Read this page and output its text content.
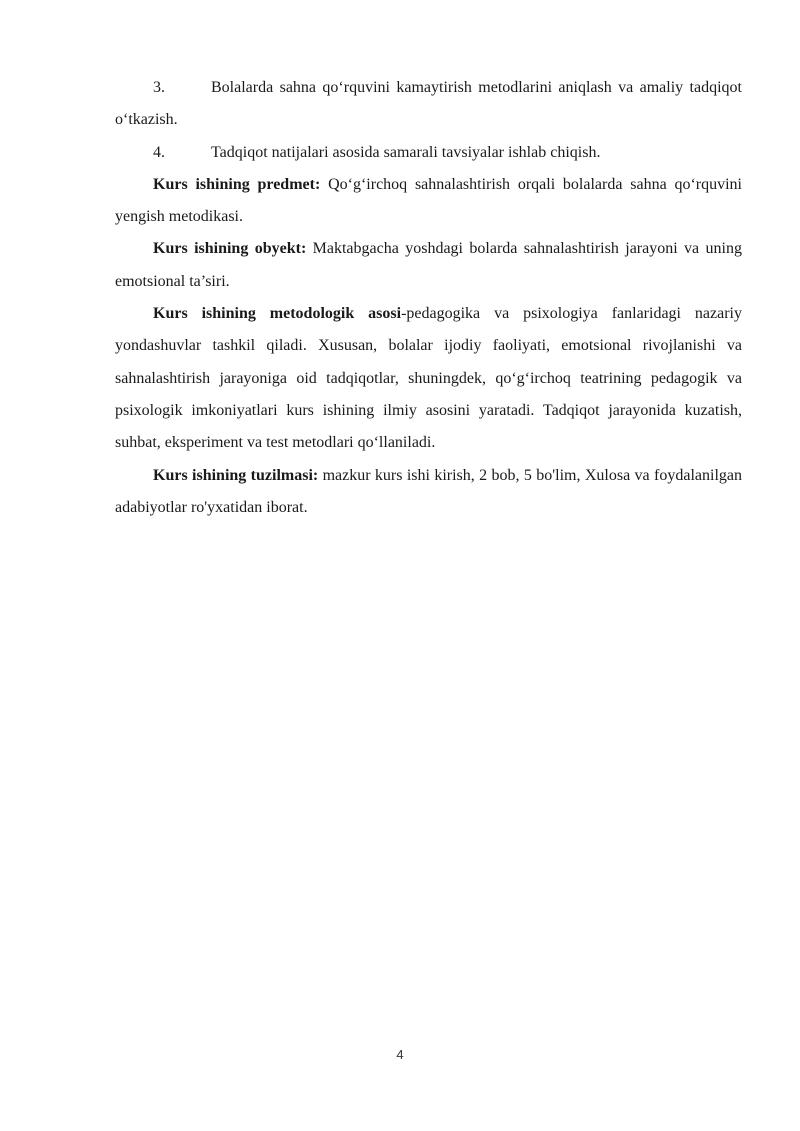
3.	Bolalarda sahna qo‘rquvini kamaytirish metodlarini aniqlash va amaliy tadqiqot o‘tkazish.
4.	Tadqiqot natijalari asosida samarali tavsiyalar ishlab chiqish.

Kurs ishining predmet: Qo‘g‘irchoq sahnalashtirish orqali bolalarda sahna qo‘rquvini yengish metodikasi.

Kurs ishining obyekt: Maktabgacha yoshdagi bolarda sahnalashtirish jarayoni va uning emotsional ta’siri.

Kurs ishining metodologik asosi-pedagogika va psixologiya fanlaridagi nazariy yondashuvlar tashkil qiladi. Xususan, bolalar ijodiy faoliyati, emotsional rivojlanishi va sahnalashtirish jarayoniga oid tadqiqotlar, shuningdek, qo‘g‘irchoq teatrining pedagogik va psixologik imkoniyatlari kurs ishining ilmiy asosini yaratadi. Tadqiqot jarayonida kuzatish, suhbat, eksperiment va test metodlari qo‘llaniladi.

Kurs ishining tuzilmasi: mazkur kurs ishi kirish, 2 bob, 5 bo'lim, Xulosa va foydalanilgan adabiyotlar ro'yxatidan iborat.

4
